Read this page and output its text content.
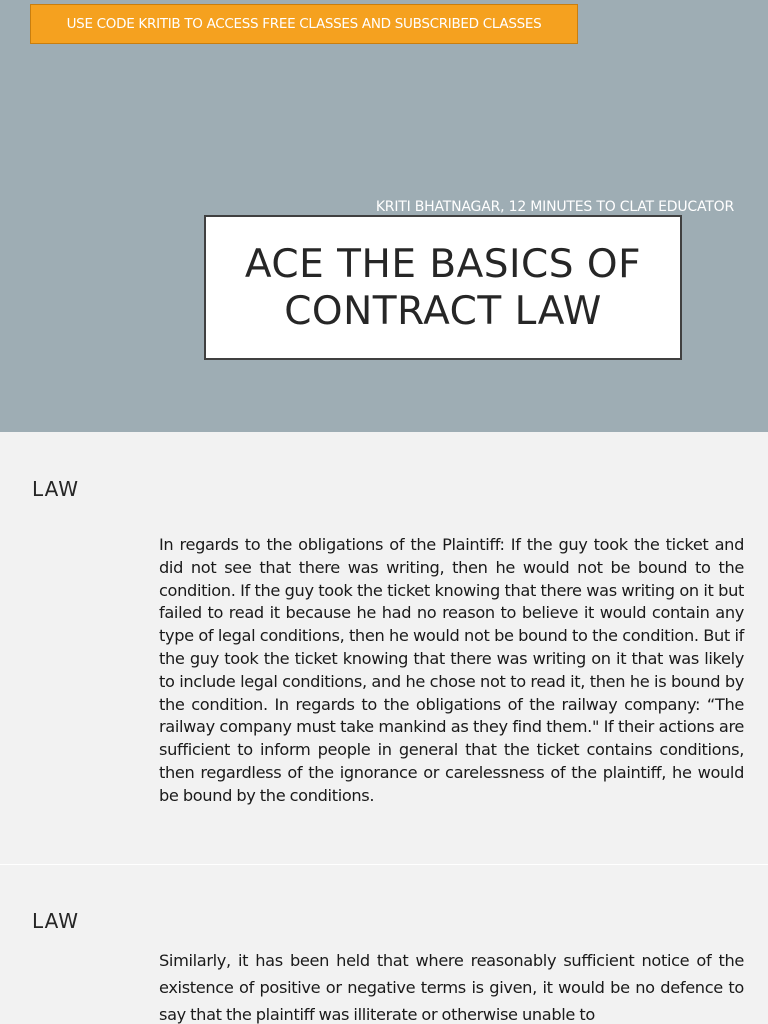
USE CODE KRITIB TO ACCESS FREE CLASSES AND SUBSCRIBED CLASSES
KRITI BHATNAGAR, 12 MINUTES TO CLAT EDUCATOR
ACE THE BASICS OF CONTRACT LAW
LAW

In regards to the obligations of the Plaintiff: If the guy took the ticket and did not see that there was writing, then he would not be bound to the condition. If the guy took the ticket knowing that there was writing on it but failed to read it because he had no reason to believe it would contain any type of legal conditions, then he would not be bound to the condition. But if the guy took the ticket knowing that there was writing on it that was likely to include legal conditions, and he chose not to read it, then he is bound by the condition. In regards to the obligations of the railway company: “The railway company must take mankind as they find them." If their actions are sufficient to inform people in general that the ticket contains conditions, then regardless of the ignorance or carelessness of the plaintiff, he would be bound by the conditions.

LAW

Similarly, it has been held that where reasonably sufficient notice of the existence of positive or negative terms is given, it would be no defence to say that the plaintiff was illiterate or otherwise unable to
